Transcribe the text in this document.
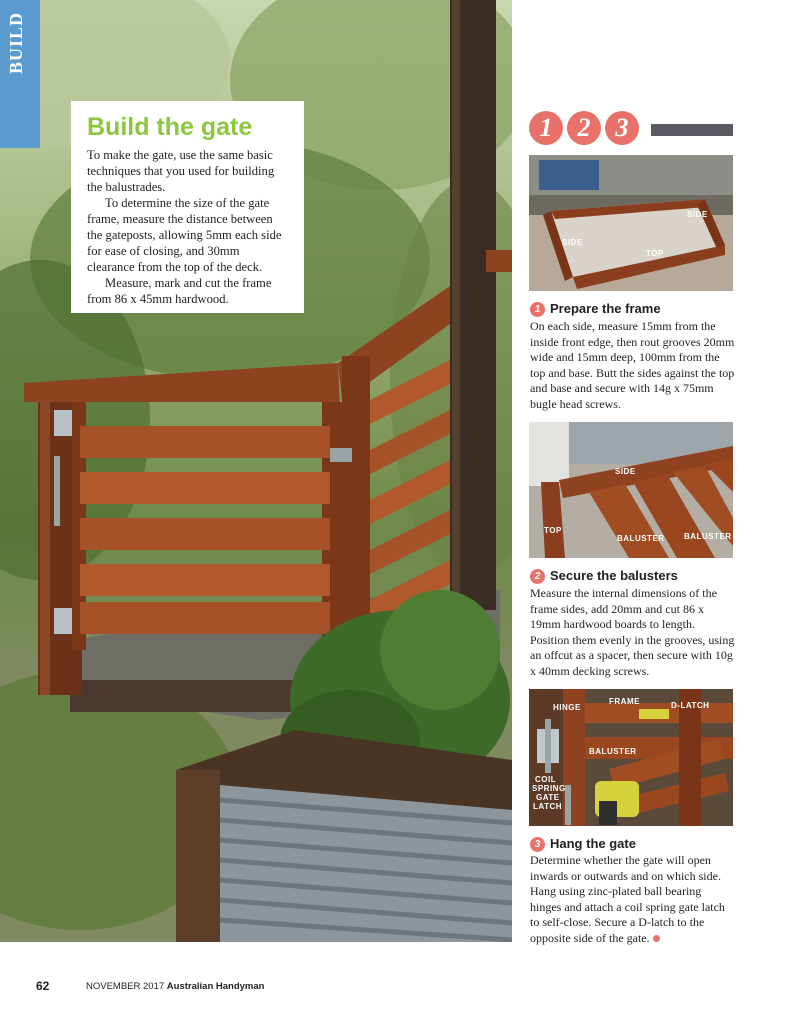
BUILD
Build the gate

To make the gate, use the same basic techniques that you used for building the balustrades.

To determine the size of the gate frame, measure the distance between the gateposts, allowing 5mm each side for ease of closing, and 30mm clearance from the top of the deck.

Measure, mark and cut the frame from 86 x 45mm hardwood.

1 2 3
SIDE
SIDE
TOP
1 Prepare the frame

On each side, measure 15mm from the inside front edge, then rout grooves 20mm wide and 15mm deep, 100mm from the top and base. Butt the sides against the top and base and secure with 14g x 75mm bugle head screws.

SIDE
TOP
BALUSTER BALUSTER
2 Secure the balusters

Measure the internal dimensions of the frame sides, add 20mm and cut 86 x 19mm hardwood boards to length. Position them evenly in the grooves, using an offcut as a spacer, then secure with 10g x 40mm decking screws.

FRAME
HINGE	D-LATCH
BALUSTER
COIL
SPRING
GATE
LATCH
3 Hang the gate

Determine whether the gate will open inwards or outwards and on which side. Hang using zinc-plated ball bearing hinges and attach a coil spring gate latch to self-close. Secure a D-latch to the opposite side of the gate.

62	NOVEMBER 2017 Australian Handyman
